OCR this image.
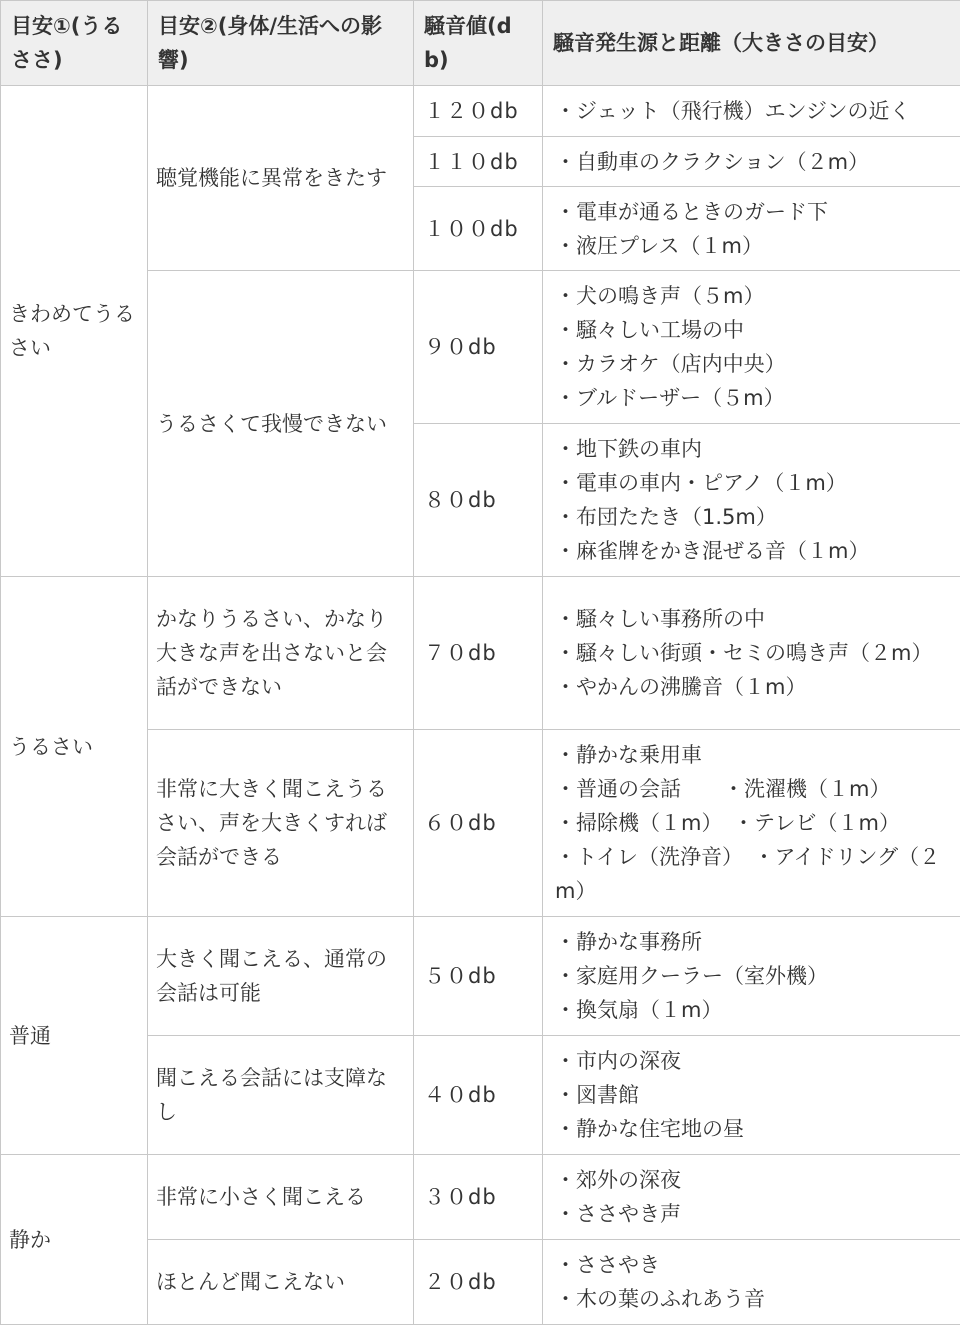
目安①(うるささ)	目安②(身体/生活への影響)	騒音値(db)	騒音発生源と距離（大きさの目安）
きわめてうるさい	聴覚機能に異常をきたす	１２０db	・ジェット（飛行機）エンジンの近く

		１１０db	・自動車のクラクション（２m）

		１００db	・電車が通るときのガード下
・液圧プレス（１m）

	うるさくて我慢できない	９０db	・犬の鳴き声（５m）
・騒々しい工場の中
・カラオケ（店内中央）
・ブルドーザー（５m）

		８０db	・地下鉄の車内
・電車の車内・ピアノ（１m）
・布団たたき（1.5m）
・麻雀牌をかき混ぜる音（１m）

うるさい	かなりうるさい、かなり大きな声を出さないと会話ができない	７０db	・騒々しい事務所の中
・騒々しい街頭・セミの鳴き声（２m）
・やかんの沸騰音（１m）

	非常に大きく聞こえうるさい、声を大きくすれば会話ができる	６０db	・静かな乗用車
・普通の会話　　・洗濯機（１m）
・掃除機（１m）　・テレビ（１m）
・トイレ（洗浄音）　・アイドリング（２m）

普通	大きく聞こえる、通常の会話は可能	５０db	・静かな事務所
・家庭用クーラー（室外機）
・換気扇（１m）

	聞こえる会話には支障なし	４０db	・市内の深夜
・図書館
・静かな住宅地の昼

静か	非常に小さく聞こえる	３０db	・郊外の深夜
・ささやき声

	ほとんど聞こえない	２０db	・ささやき
・木の葉のふれあう音
